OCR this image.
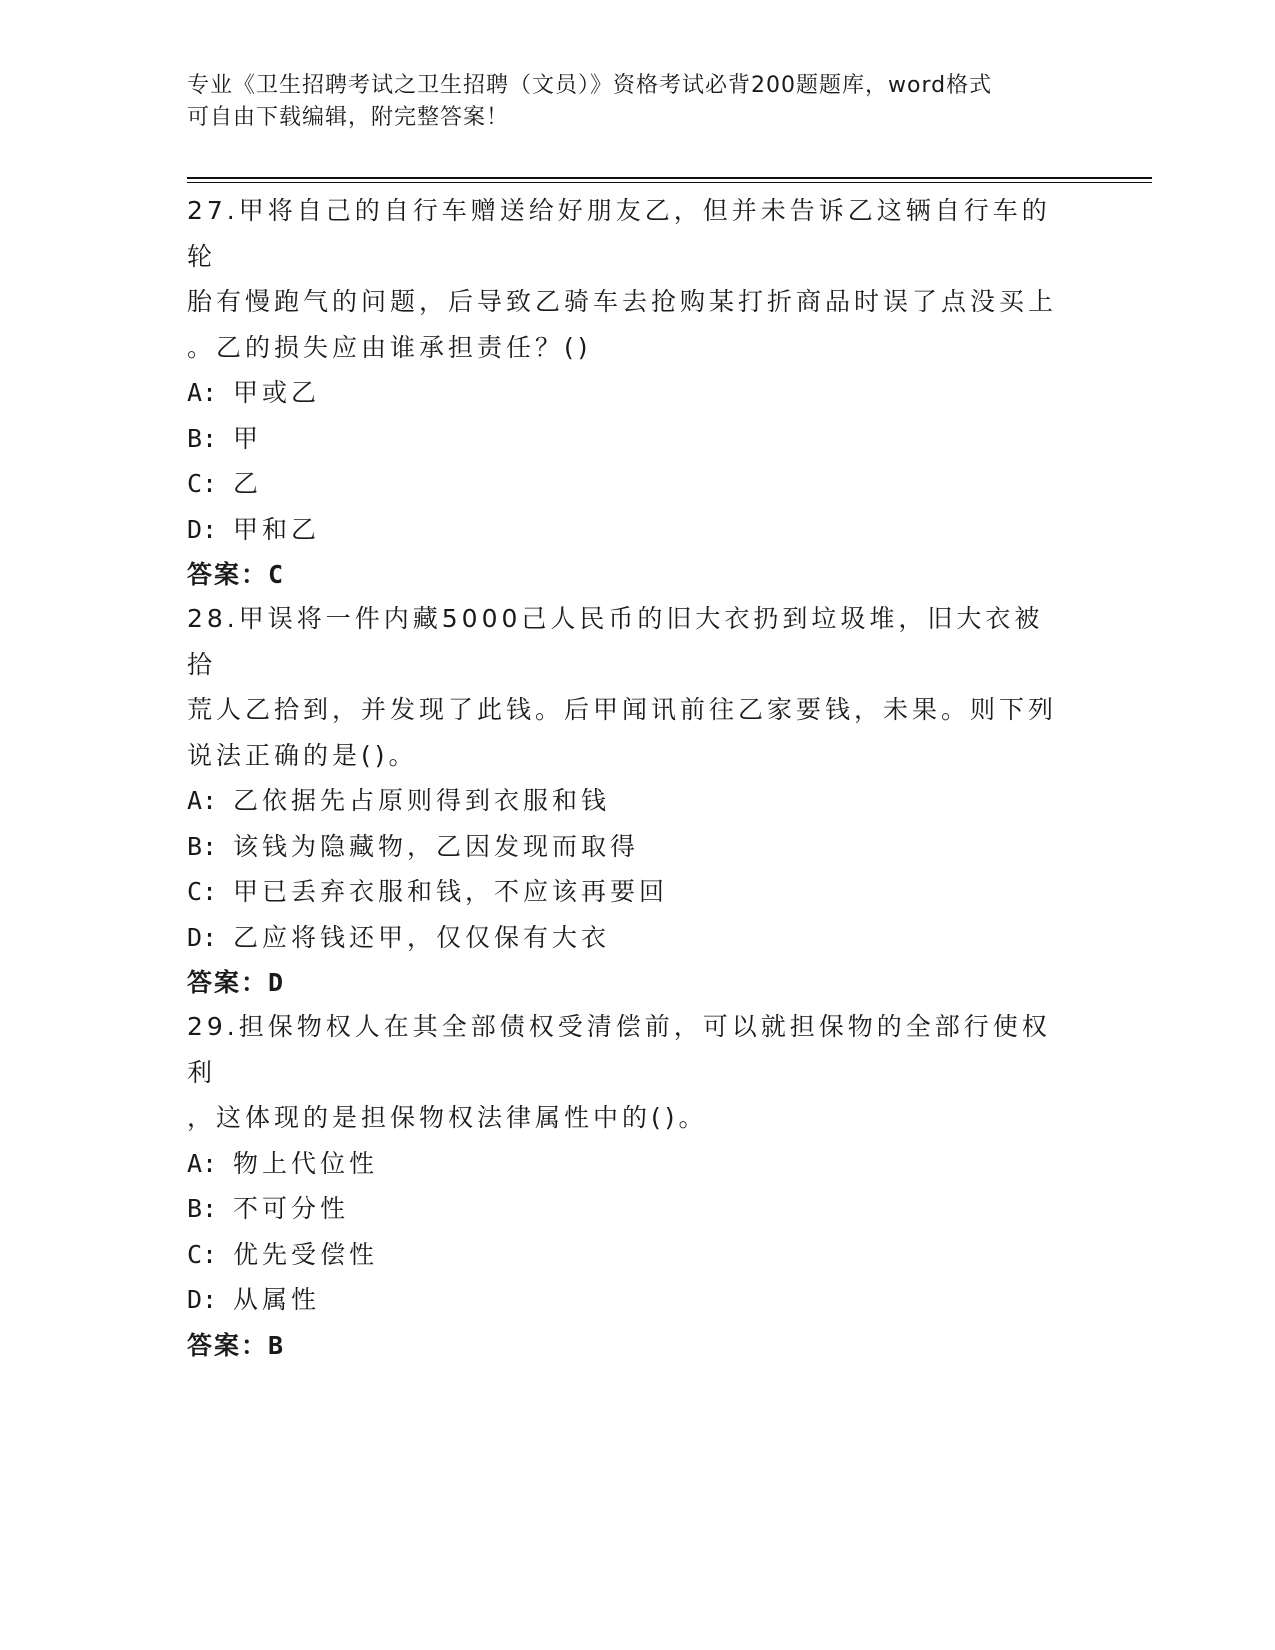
专业《卫生招聘考试之卫生招聘（文员）》资格考试必背200题题库，word格式
可自由下载编辑，附完整答案！
27.甲将自己的自行车赠送给好朋友乙，但并未告诉乙这辆自行车的轮
胎有慢跑气的问题，后导致乙骑车去抢购某打折商品时误了点没买上
。乙的损失应由谁承担责任？()
A: 甲或乙
B: 甲
C: 乙
D: 甲和乙
答案：C
28.甲误将一件内藏5000己人民币的旧大衣扔到垃圾堆，旧大衣被拾
荒人乙拾到，并发现了此钱。后甲闻讯前往乙家要钱，未果。则下列
说法正确的是()。
A: 乙依据先占原则得到衣服和钱
B: 该钱为隐藏物，乙因发现而取得
C: 甲已丢弃衣服和钱，不应该再要回
D: 乙应将钱还甲，仅仅保有大衣
答案：D
29.担保物权人在其全部债权受清偿前，可以就担保物的全部行使权利
，这体现的是担保物权法律属性中的()。
A: 物上代位性
B: 不可分性
C: 优先受偿性
D: 从属性
答案：B
